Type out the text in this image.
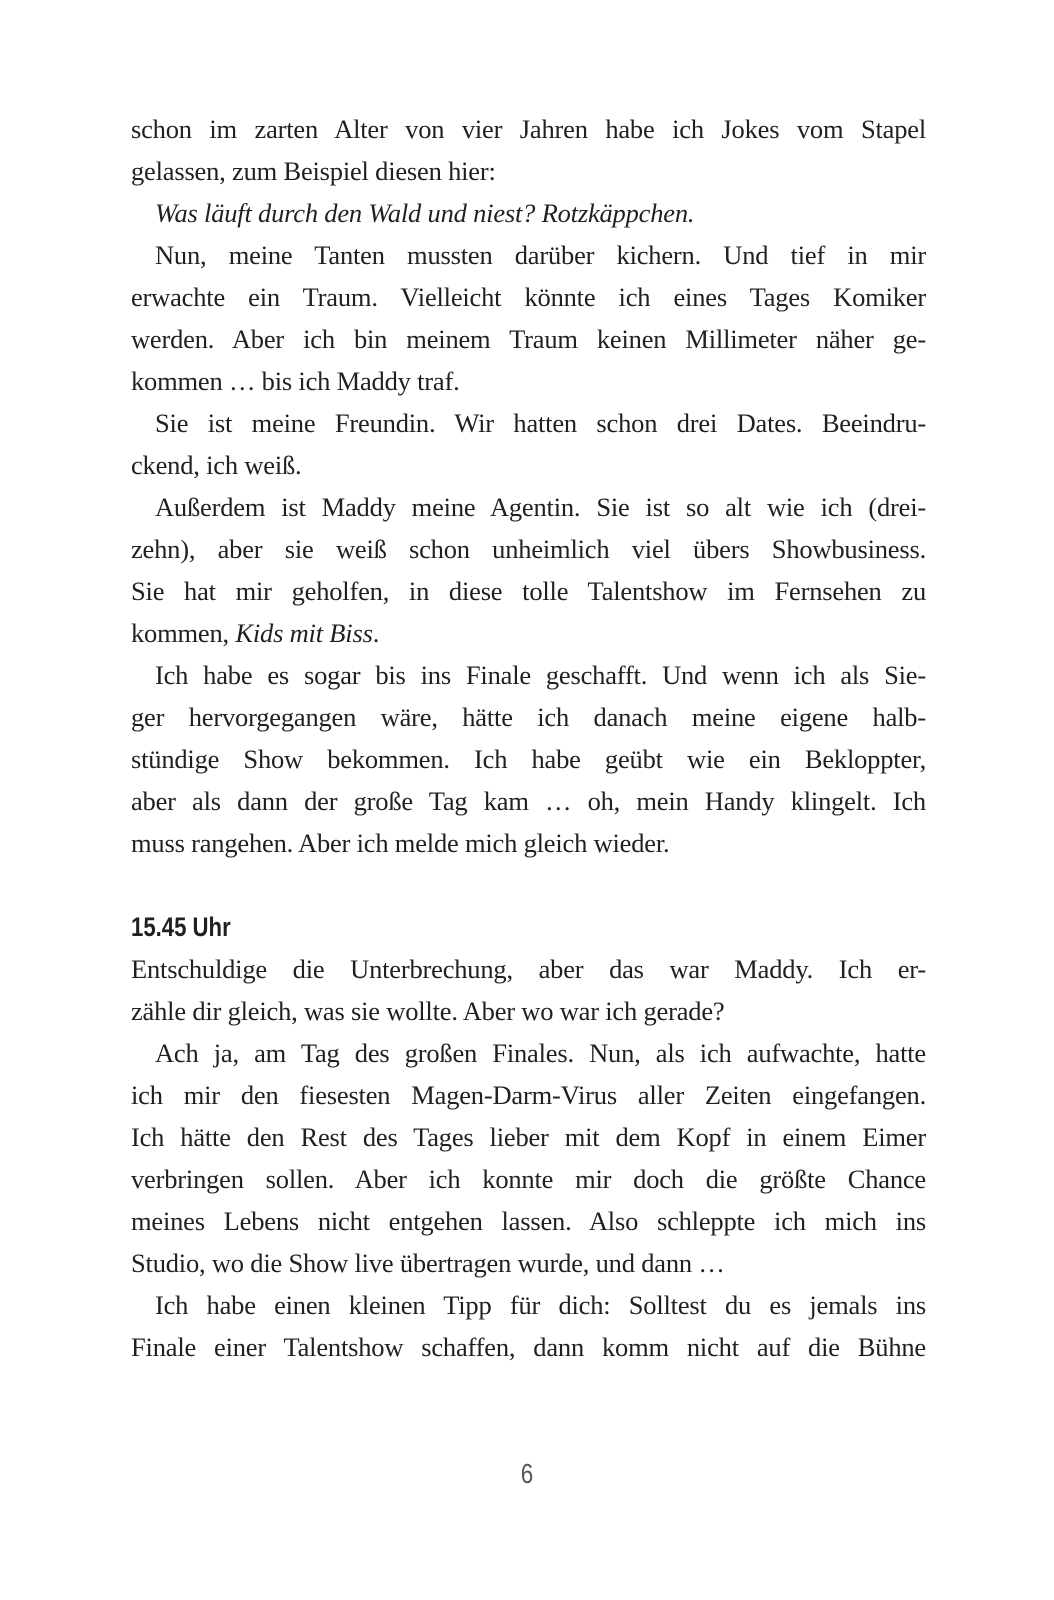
schon im zarten Alter von vier Jahren habe ich Jokes vom Stapel
gelassen, zum Beispiel diesen hier:
Was läuft durch den Wald und niest? Rotzkäppchen.
Nun, meine Tanten mussten darüber kichern. Und tief in mir
erwachte ein Traum. Vielleicht könnte ich eines Tages Komiker
werden. Aber ich bin meinem Traum keinen Millimeter näher ge-
kommen … bis ich Maddy traf.
Sie ist meine Freundin. Wir hatten schon drei Dates. Beeindru-
ckend, ich weiß.
Außerdem ist Maddy meine Agentin. Sie ist so alt wie ich (drei-
zehn), aber sie weiß schon unheimlich viel übers Showbusiness.
Sie hat mir geholfen, in diese tolle Talentshow im Fernsehen zu
kommen, Kids mit Biss.
Ich habe es sogar bis ins Finale geschafft. Und wenn ich als Sie-
ger hervorgegangen wäre, hätte ich danach meine eigene halb-
stündige Show bekommen. Ich habe geübt wie ein Beklоppter,
aber als dann der große Tag kam … oh, mein Handy klingelt. Ich
muss rangehen. Aber ich melde mich gleich wieder.
15.45 Uhr
Entschuldige die Unterbrechung, aber das war Maddy. Ich er-
zähle dir gleich, was sie wollte. Aber wo war ich gerade?
Ach ja, am Tag des großen Finales. Nun, als ich aufwachte, hatte
ich mir den fiesesten Magen-Darm-Virus aller Zeiten eingefangen.
Ich hätte den Rest des Tages lieber mit dem Kopf in einem Eimer
verbringen sollen. Aber ich konnte mir doch die größte Chance
meines Lebens nicht entgehen lassen. Also schleppte ich mich ins
Studio, wo die Show live übertragen wurde, und dann …
Ich habe einen kleinen Tipp für dich: Solltest du es jemals ins
Finale einer Talentshow schaffen, dann komm nicht auf die Bühne
6
